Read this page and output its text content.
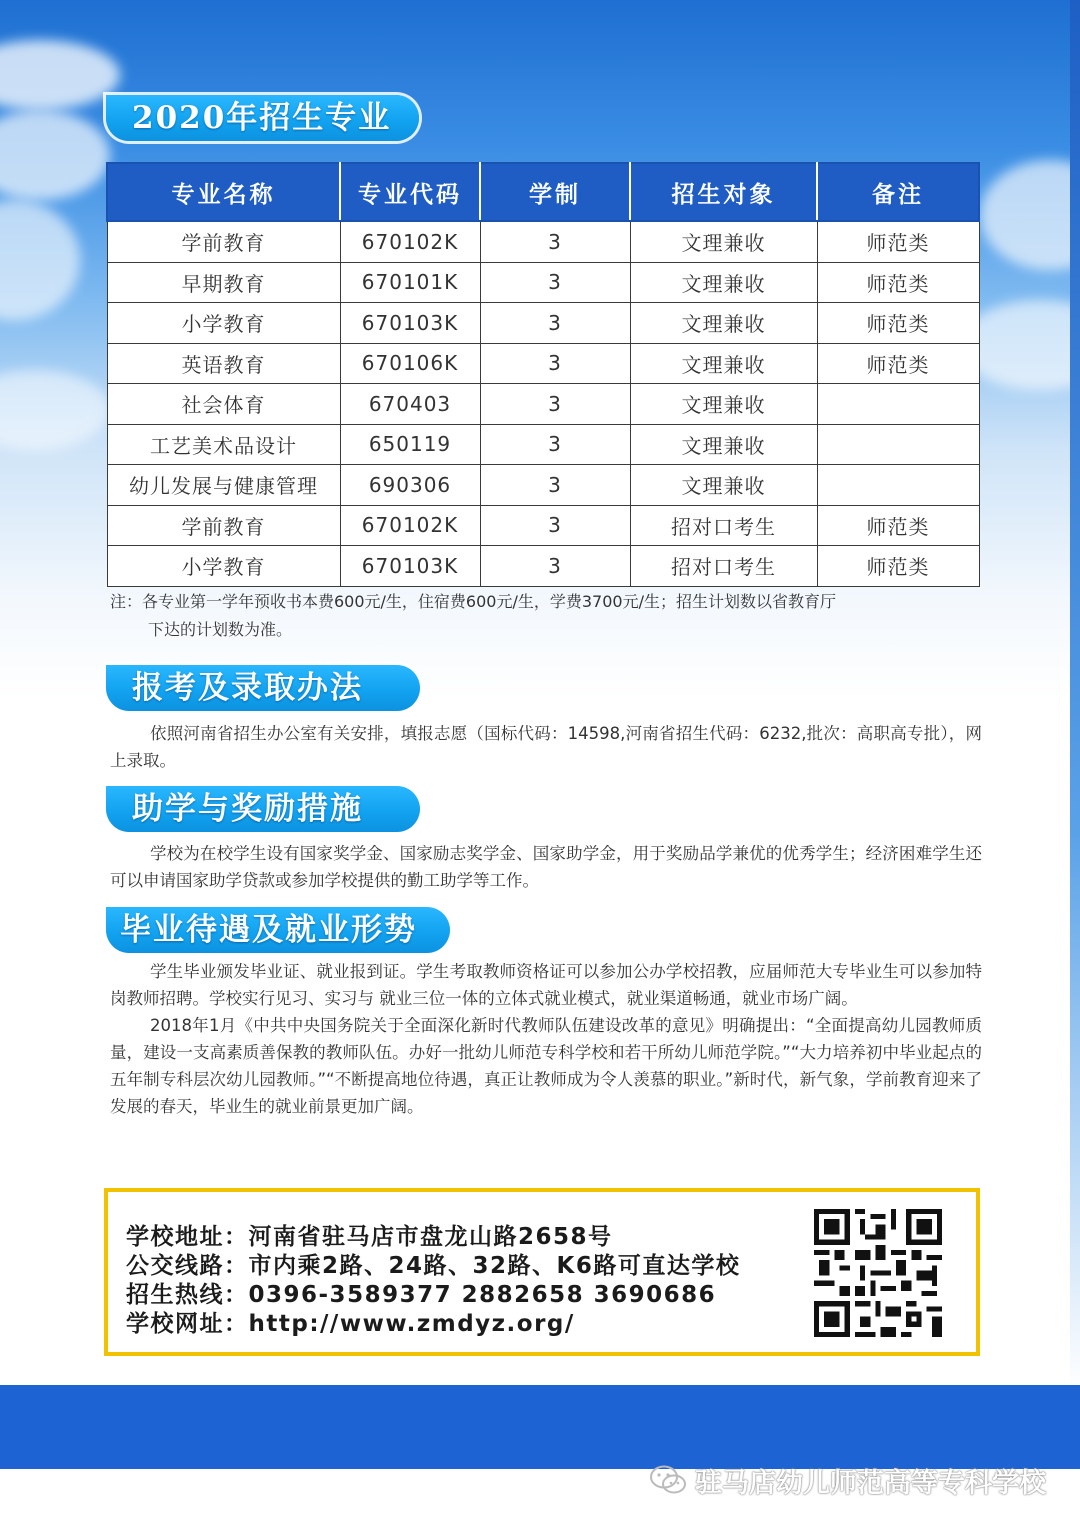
2020年招生专业
专业名称	专业代码	学制	招生对象	备注
学前教育	670102K	3	文理兼收	师范类
早期教育	670101K	3	文理兼收	师范类
小学教育	670103K	3	文理兼收	师范类
英语教育	670106K	3	文理兼收	师范类
社会体育	670403	3	文理兼收	
工艺美术品设计	650119	3	文理兼收	
幼儿发展与健康管理	690306	3	文理兼收	
学前教育	670102K	3	招对口考生	师范类
小学教育	670103K	3	招对口考生	师范类
注：各专业第一学年预收书本费600元/生，住宿费600元/生，学费3700元/生；招生计划数以省教育厅
下达的计划数为准。
报考及录取办法

依照河南省招生办公室有关安排，填报志愿（国标代码：14598,河南省招生代码：6232,批次：高职高专批），网上录取。

助学与奖励措施

学校为在校学生设有国家奖学金、国家励志奖学金、国家助学金，用于奖励品学兼优的优秀学生；经济困难学生还可以申请国家助学贷款或参加学校提供的勤工助学等工作。

毕业待遇及就业形势

学生毕业颁发毕业证、就业报到证。学生考取教师资格证可以参加公办学校招教，应届师范大专毕业生可以参加特岗教师招聘。学校实行见习、实习与 就业三位一体的立体式就业模式，就业渠道畅通，就业市场广阔。

2018年1月《中共中央国务院关于全面深化新时代教师队伍建设改革的意见》明确提出：“全面提高幼儿园教师质量，建设一支高素质善保教的教师队伍。办好一批幼儿师范专科学校和若干所幼儿师范学院。”“大力培养初中毕业起点的五年制专科层次幼儿园教师。”“不断提高地位待遇，真正让教师成为令人羡慕的职业。”新时代，新气象，学前教育迎来了发展的春天，毕业生的就业前景更加广阔。

学校地址：河南省驻马店市盘龙山路2658号
公交线路：市内乘2路、24路、32路、K6路可直达学校
招生热线：0396-3589377 2882658 3690686
学校网址：http://www.zmdyz.org/
驻马店幼儿师范高等专科学校
